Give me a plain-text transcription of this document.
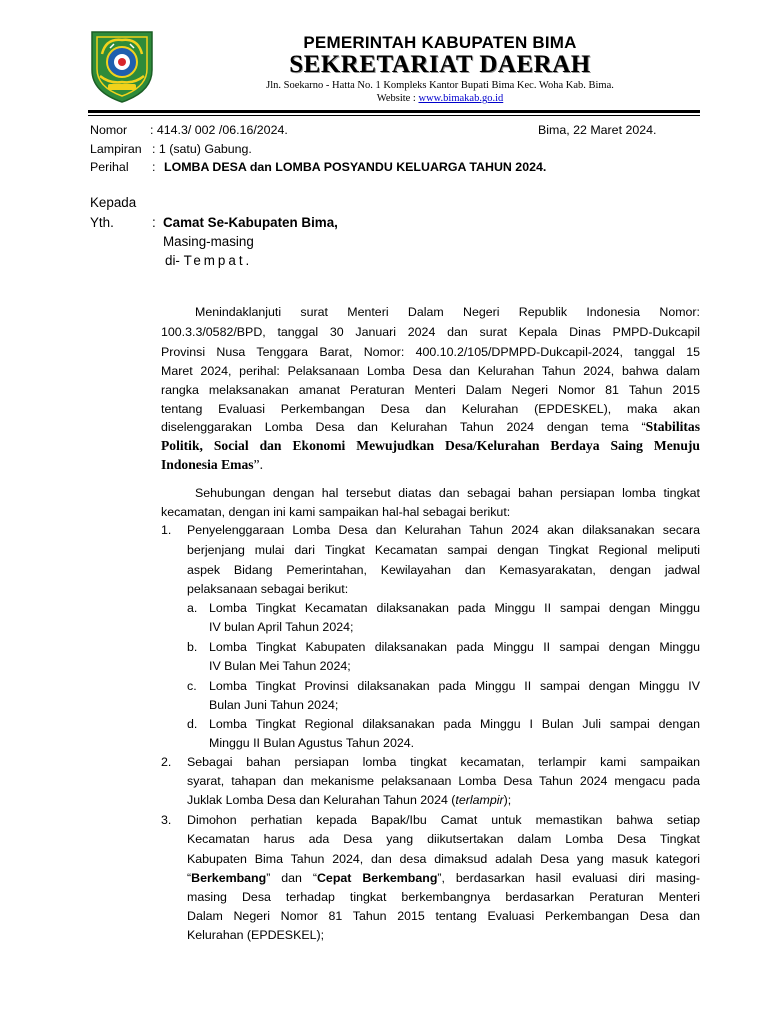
PEMERINTAH KABUPATEN BIMA
SEKRETARIAT DAERAH
Jln. Soekarno - Hatta No. 1 Kompleks Kantor Bupati Bima Kec. Woha Kab. Bima.
Website : www.bimakab.go.id
Nomor : 414.3/ 002 /06.16/2024.	Bima, 22 Maret 2024.
Lampiran : 1 (satu) Gabung.
Perihal : LOMBA DESA dan LOMBA POSYANDU KELUARGA TAHUN 2024.
Kepada
Yth.	: Camat Se-Kabupaten Bima,
Masing-masing
di- Tempat.
Menindaklanjuti surat Menteri Dalam Negeri Republik Indonesia Nomor:
100.3.3/0582/BPD, tanggal 30 Januari 2024 dan surat Kepala Dinas PMPD-Dukcapil
Provinsi Nusa Tenggara Barat, Nomor: 400.10.2/105/DPMPD-Dukcapil-2024, tanggal 15
Maret 2024, perihal: Pelaksanaan Lomba Desa dan Kelurahan Tahun 2024, bahwa dalam
rangka melaksanakan amanat Peraturan Menteri Dalam Negeri Nomor 81 Tahun 2015
tentang Evaluasi Perkembangan Desa dan Kelurahan (EPDESKEL), maka akan
diselenggarakan Lomba Desa dan Kelurahan Tahun 2024 dengan tema “Stabilitas
Politik, Social dan Ekonomi Mewujudkan Desa/Kelurahan Berdaya Saing Menuju
Indonesia Emas”.
Sehubungan dengan hal tersebut diatas dan sebagai bahan persiapan lomba tingkat
kecamatan, dengan ini kami sampaikan hal-hal sebagai berikut:
1. Penyelenggaraan Lomba Desa dan Kelurahan Tahun 2024 akan dilaksanakan secara
berjenjang mulai dari Tingkat Kecamatan sampai dengan Tingkat Regional meliputi
aspek Bidang Pemerintahan, Kewilayahan dan Kemasyarakatan, dengan jadwal
pelaksanaan sebagai berikut:
a. Lomba Tingkat Kecamatan dilaksanakan pada Minggu II sampai dengan Minggu
IV bulan April Tahun 2024;
b. Lomba Tingkat Kabupaten dilaksanakan pada Minggu II sampai dengan Minggu
IV Bulan Mei Tahun 2024;
c. Lomba Tingkat Provinsi dilaksanakan pada Minggu II sampai dengan Minggu IV
Bulan Juni Tahun 2024;
d. Lomba Tingkat Regional dilaksanakan pada Minggu I Bulan Juli sampai dengan
Minggu II Bulan Agustus Tahun 2024.
2. Sebagai bahan persiapan lomba tingkat kecamatan, terlampir kami sampaikan
syarat, tahapan dan mekanisme pelaksanaan Lomba Desa Tahun 2024 mengacu pada
Juklak Lomba Desa dan Kelurahan Tahun 2024 (terlampir);
3. Dimohon perhatian kepada Bapak/Ibu Camat untuk memastikan bahwa setiap
Kecamatan harus ada Desa yang diikutsertakan dalam Lomba Desa Tingkat
Kabupaten Bima Tahun 2024, dan desa dimaksud adalah Desa yang masuk kategori
“Berkembang” dan “Cepat Berkembang”, berdasarkan hasil evaluasi diri masing-
masing Desa terhadap tingkat berkembangnya berdasarkan Peraturan Menteri
Dalam Negeri Nomor 81 Tahun 2015 tentang Evaluasi Perkembangan Desa dan
Kelurahan (EPDESKEL);
